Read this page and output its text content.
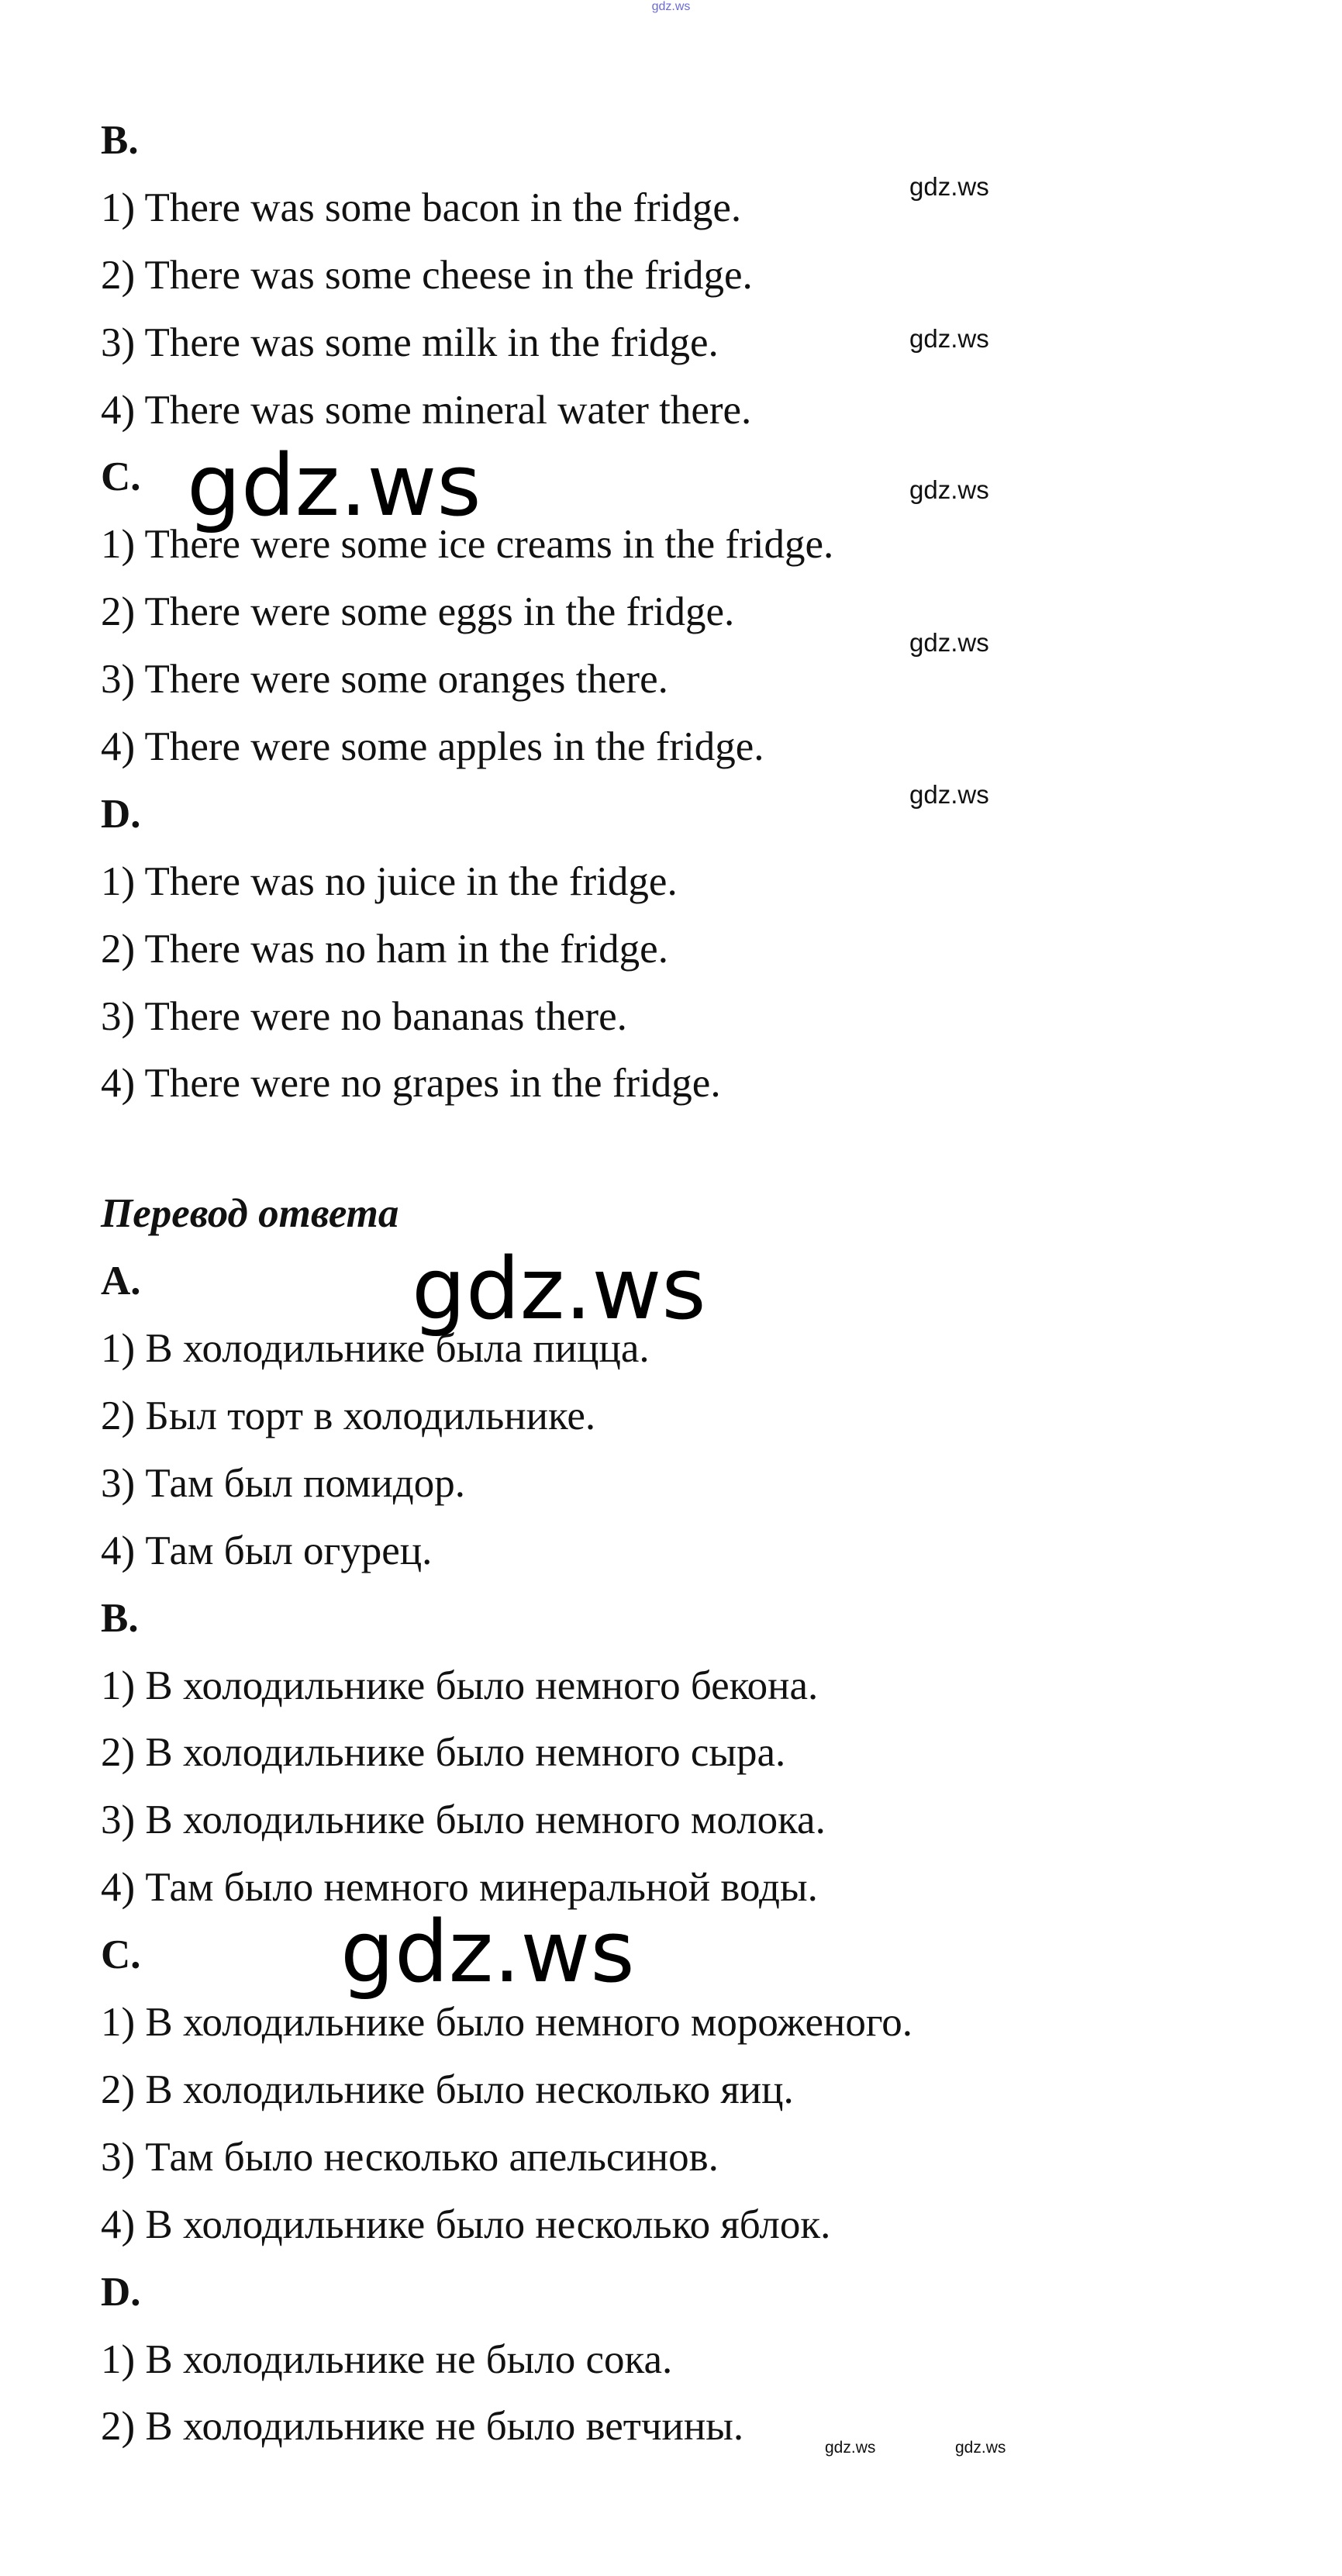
gdz.ws
B.
1) There was some bacon in the fridge.
2) There was some cheese in the fridge.
3) There was some milk in the fridge.
4) There was some mineral water there.
C.
1) There were some ice creams in the fridge.
2) There were some eggs in the fridge.
3) There were some oranges there.
4) There were some apples in the fridge.
D.
1) There was no juice in the fridge.
2) There was no ham in the fridge.
3) There were no bananas there.
4) There were no grapes in the fridge.
Перевод ответа
A.
1) В холодильнике была пицца.
2) Был торт в холодильнике.
3) Там был помидор.
4) Там был огурец.
B.
1) В холодильнике было немного бекона.
2) В холодильнике было немного сыра.
3) В холодильнике было немного молока.
4) Там было немного минеральной воды.
C.
1) В холодильнике было немного мороженого.
2) В холодильнике было несколько яиц.
3) Там было несколько апельсинов.
4) В холодильнике было несколько яблок.
D.
1) В холодильнике не было сока.
2) В холодильнике не было ветчины.
gdz.ws
gdz.ws
gdz.ws
gdz.ws
gdz.ws
gdz.ws
gdz.ws
gdz.ws
gdz.ws	gdz.ws
